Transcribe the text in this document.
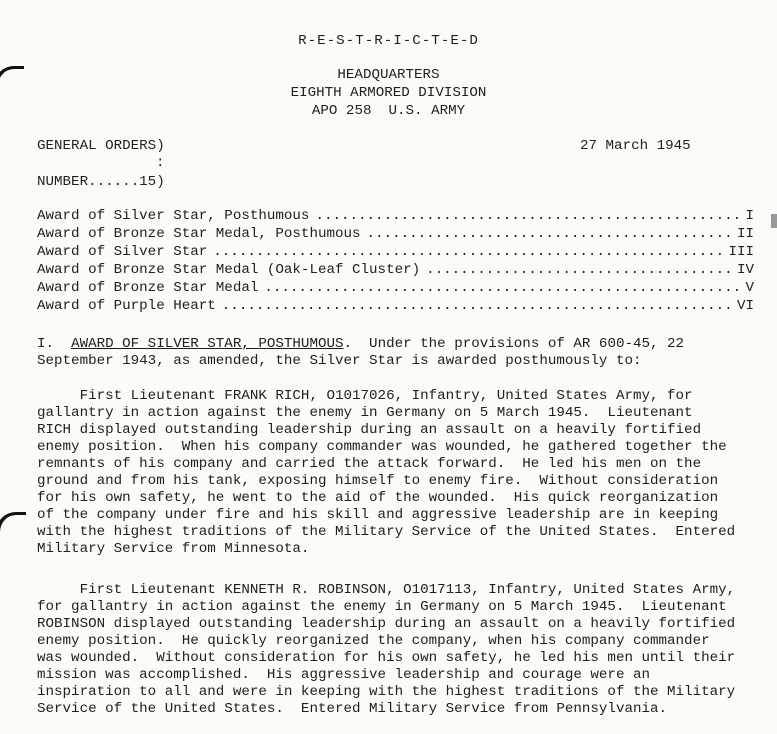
R-E-S-T-R-I-C-T-E-D
HEADQUARTERS
EIGHTH ARMORED DIVISION
APO 258  U.S. ARMY
GENERAL ORDERS)	27 March 1945
:
NUMBER......15)
Award of Silver Star, Posthumous .....	I
Award of Bronze Star Medal, Posthumous .....	II
Award of Silver Star .....	III
Award of Bronze Star Medal (Oak-Leaf Cluster) .....	IV
Award of Bronze Star Medal .....	V
Award of Purple Heart .....	VI
I. AWARD OF SILVER STAR, POSTHUMOUS.  Under the provisions of AR 600-45, 22
September 1943, as amended, the Silver Star is awarded posthumously to:
First Lieutenant FRANK RICH, O1017026, Infantry, United States Army, for
gallantry in action against the enemy in Germany on 5 March 1945.  Lieutenant
RICH displayed outstanding leadership during an assault on a heavily fortified
enemy position.  When his company commander was wounded, he gathered together the
remnants of his company and carried the attack forward.  He led his men on the
ground and from his tank, exposing himself to enemy fire.  Without consideration
for his own safety, he went to the aid of the wounded.  His quick reorganization
of the company under fire and his skill and aggressive leadership are in keeping
with the highest traditions of the Military Service of the United States.  Entered
Military Service from Minnesota.
First Lieutenant KENNETH R. ROBINSON, O1017113, Infantry, United States Army,
for gallantry in action against the enemy in Germany on 5 March 1945.  Lieutenant
ROBINSON displayed outstanding leadership during an assault on a heavily fortified
enemy position.  He quickly reorganized the company, when his company commander
was wounded.  Without consideration for his own safety, he led his men until their
mission was accomplished.  His aggressive leadership and courage were an
inspiration to all and were in keeping with the highest traditions of the Military
Service of the United States.  Entered Military Service from Pennsylvania.
